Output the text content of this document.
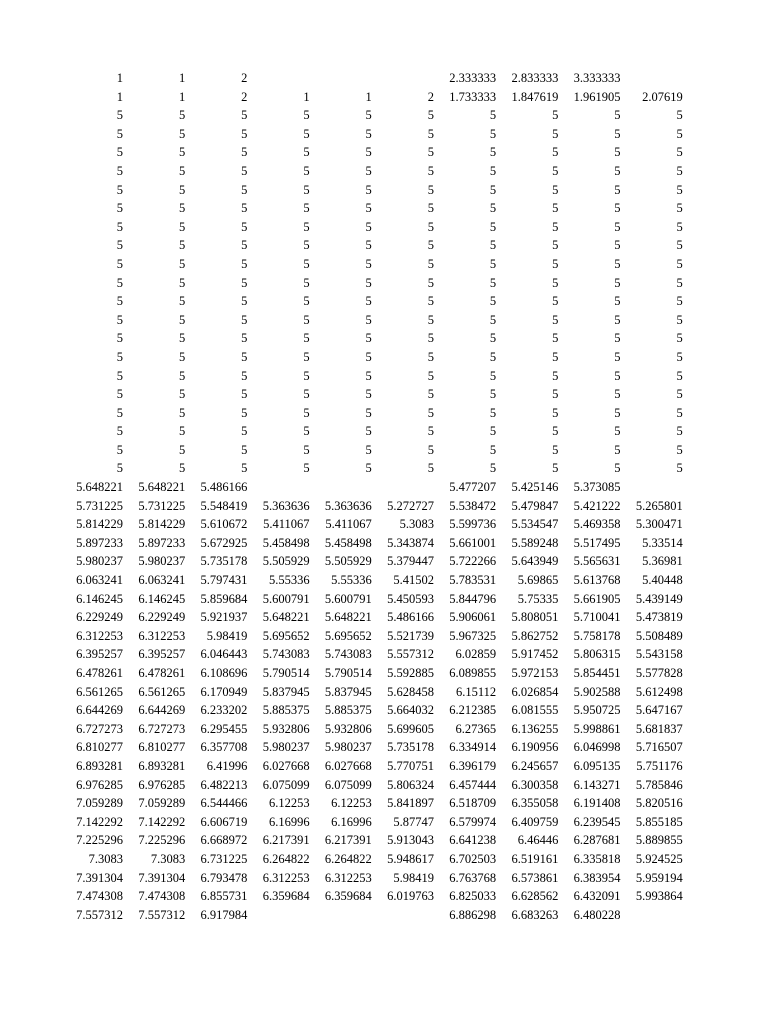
1	1	2				2.333333	2.833333	3.333333	
1	1	2	1	1	2	1.733333	1.847619	1.961905	2.07619
5	5	5	5	5	5	5	5	5	5
5	5	5	5	5	5	5	5	5	5
5	5	5	5	5	5	5	5	5	5
5	5	5	5	5	5	5	5	5	5
5	5	5	5	5	5	5	5	5	5
5	5	5	5	5	5	5	5	5	5
5	5	5	5	5	5	5	5	5	5
5	5	5	5	5	5	5	5	5	5
5	5	5	5	5	5	5	5	5	5
5	5	5	5	5	5	5	5	5	5
5	5	5	5	5	5	5	5	5	5
5	5	5	5	5	5	5	5	5	5
5	5	5	5	5	5	5	5	5	5
5	5	5	5	5	5	5	5	5	5
5	5	5	5	5	5	5	5	5	5
5	5	5	5	5	5	5	5	5	5
5	5	5	5	5	5	5	5	5	5
5	5	5	5	5	5	5	5	5	5
5	5	5	5	5	5	5	5	5	5
5	5	5	5	5	5	5	5	5	5
5.648221	5.648221	5.486166				5.477207	5.425146	5.373085	
5.731225	5.731225	5.548419	5.363636	5.363636	5.272727	5.538472	5.479847	5.421222	5.265801
5.814229	5.814229	5.610672	5.411067	5.411067	5.3083	5.599736	5.534547	5.469358	5.300471
5.897233	5.897233	5.672925	5.458498	5.458498	5.343874	5.661001	5.589248	5.517495	5.33514
5.980237	5.980237	5.735178	5.505929	5.505929	5.379447	5.722266	5.643949	5.565631	5.36981
6.063241	6.063241	5.797431	5.55336	5.55336	5.41502	5.783531	5.69865	5.613768	5.40448
6.146245	6.146245	5.859684	5.600791	5.600791	5.450593	5.844796	5.75335	5.661905	5.439149
6.229249	6.229249	5.921937	5.648221	5.648221	5.486166	5.906061	5.808051	5.710041	5.473819
6.312253	6.312253	5.98419	5.695652	5.695652	5.521739	5.967325	5.862752	5.758178	5.508489
6.395257	6.395257	6.046443	5.743083	5.743083	5.557312	6.02859	5.917452	5.806315	5.543158
6.478261	6.478261	6.108696	5.790514	5.790514	5.592885	6.089855	5.972153	5.854451	5.577828
6.561265	6.561265	6.170949	5.837945	5.837945	5.628458	6.15112	6.026854	5.902588	5.612498
6.644269	6.644269	6.233202	5.885375	5.885375	5.664032	6.212385	6.081555	5.950725	5.647167
6.727273	6.727273	6.295455	5.932806	5.932806	5.699605	6.27365	6.136255	5.998861	5.681837
6.810277	6.810277	6.357708	5.980237	5.980237	5.735178	6.334914	6.190956	6.046998	5.716507
6.893281	6.893281	6.41996	6.027668	6.027668	5.770751	6.396179	6.245657	6.095135	5.751176
6.976285	6.976285	6.482213	6.075099	6.075099	5.806324	6.457444	6.300358	6.143271	5.785846
7.059289	7.059289	6.544466	6.12253	6.12253	5.841897	6.518709	6.355058	6.191408	5.820516
7.142292	7.142292	6.606719	6.16996	6.16996	5.87747	6.579974	6.409759	6.239545	5.855185
7.225296	7.225296	6.668972	6.217391	6.217391	5.913043	6.641238	6.46446	6.287681	5.889855
7.3083	7.3083	6.731225	6.264822	6.264822	5.948617	6.702503	6.519161	6.335818	5.924525
7.391304	7.391304	6.793478	6.312253	6.312253	5.98419	6.763768	6.573861	6.383954	5.959194
7.474308	7.474308	6.855731	6.359684	6.359684	6.019763	6.825033	6.628562	6.432091	5.993864
7.557312	7.557312	6.917984				6.886298	6.683263	6.480228	
